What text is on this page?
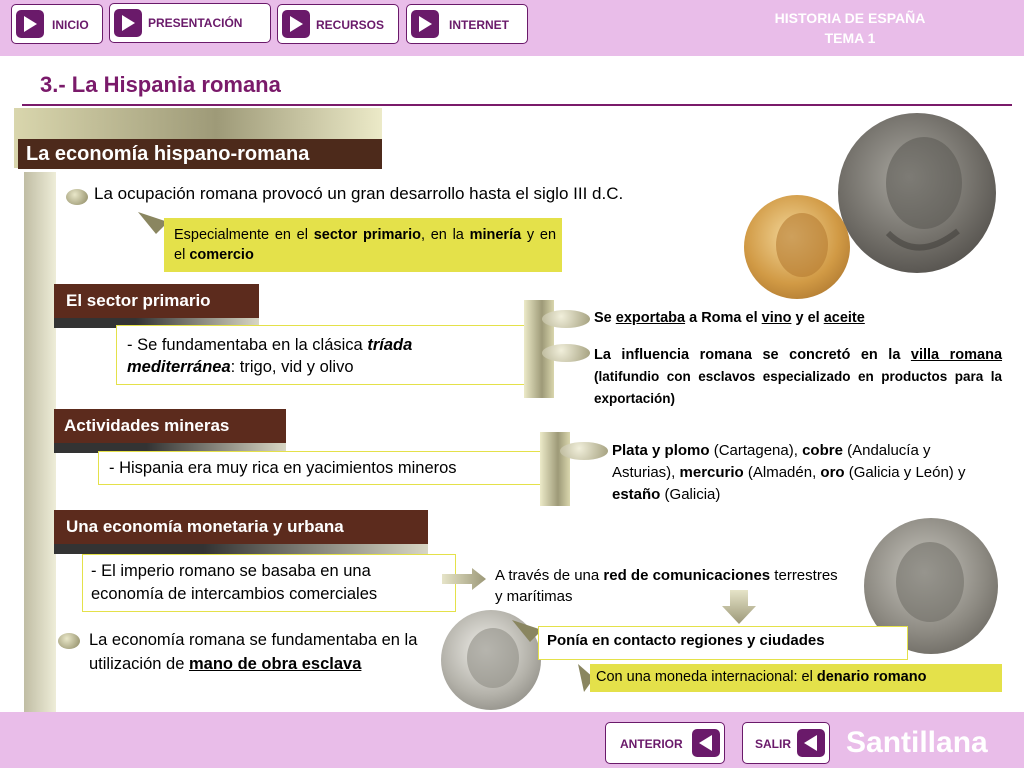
INICIO	PRESENTACIÓN	RECURSOS	INTERNET	HISTORIA DE ESPAÑA
TEMA 1
3.- La Hispania romana
La economía hispano-romana
La ocupación romana provocó un gran desarrollo hasta el siglo III d.C.
Especialmente en el sector primario, en la minería y en el comercio
El sector primario
- Se fundamentaba en la clásica tríada mediterránea: trigo, vid y olivo
Se exportaba a Roma el vino y el aceite
La influencia romana se concretó en la villa romana (latifundio con esclavos especializado en productos para la exportación)
Actividades mineras
- Hispania era muy rica en yacimientos mineros
Plata y plomo (Cartagena), cobre (Andalucía y Asturias), mercurio (Almadén, oro (Galicia y León) y estaño (Galicia)
Una economía monetaria y urbana
- El imperio romano se basaba en una economía de intercambios comerciales
A través de una red de comunicaciones terrestres y marítimas
Ponía en contacto regiones y ciudades
Con una moneda internacional: el denario romano
La economía romana se fundamentaba en la utilización de mano de obra esclava
ANTERIOR	SALIR Santillana
